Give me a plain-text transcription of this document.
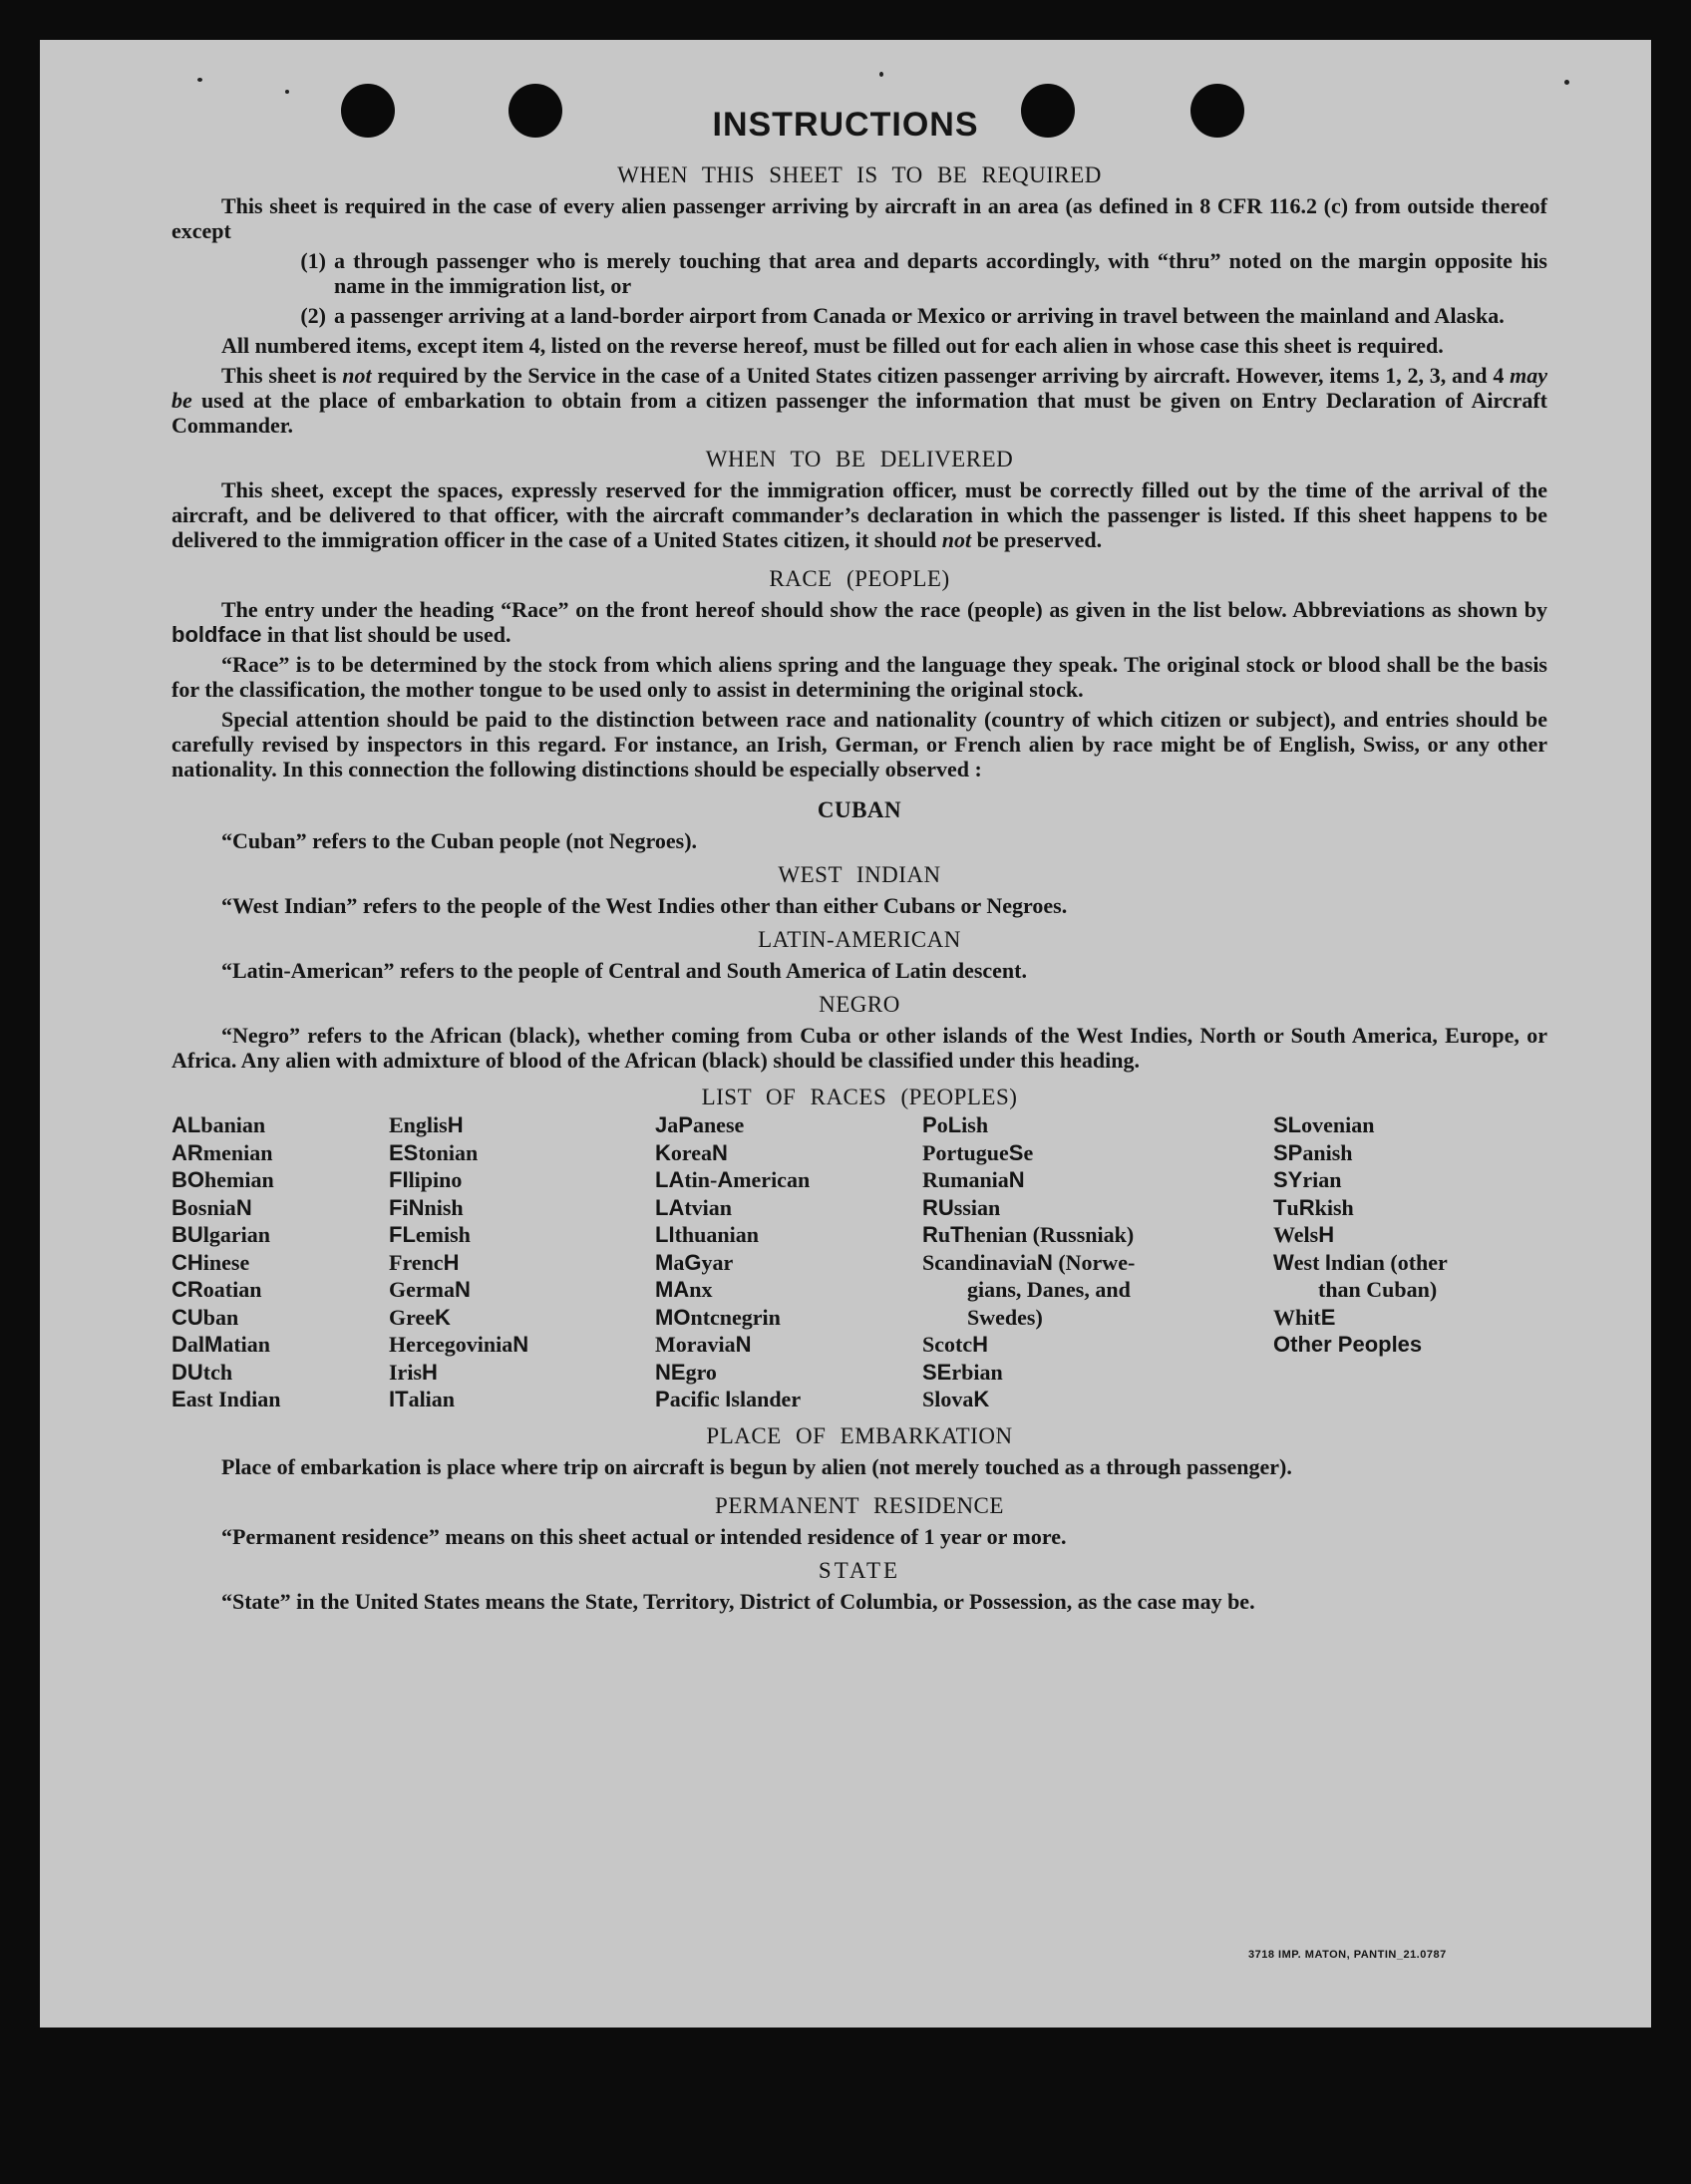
INSTRUCTIONS
WHEN THIS SHEET IS TO BE REQUIRED

This sheet is required in the case of every alien passenger arriving by aircraft in an area (as defined in 8 CFR 116.2 (c) from outside thereof except

(1) a through passenger who is merely touching that area and departs accordingly, with “thru” noted on the margin opposite his name in the immigration list, or
(2) a passenger arriving at a land-border airport from Canada or Mexico or arriving in travel between the mainland and Alaska.

All numbered items, except item 4, listed on the reverse hereof, must be filled out for each alien in whose case this sheet is required.

This sheet is not required by the Service in the case of a United States citizen passenger arriving by aircraft. However, items 1, 2, 3, and 4 may be used at the place of embarkation to obtain from a citizen passenger the information that must be given on Entry Declaration of Aircraft Commander.

WHEN TO BE DELIVERED

This sheet, except the spaces, expressly reserved for the immigration officer, must be correctly filled out by the time of the arrival of the aircraft, and be delivered to that officer, with the aircraft commander’s declaration in which the passenger is listed. If this sheet happens to be delivered to the immigration officer in the case of a United States citizen, it should not be preserved.

RACE (PEOPLE)

The entry under the heading “Race” on the front hereof should show the race (people) as given in the list below. Abbreviations as shown by boldface in that list should be used.

“Race” is to be determined by the stock from which aliens spring and the language they speak. The original stock or blood shall be the basis for the classification, the mother tongue to be used only to assist in determining the original stock.

Special attention should be paid to the distinction between race and nationality (country of which citizen or subject), and entries should be carefully revised by inspectors in this regard. For instance, an Irish, German, or French alien by race might be of English, Swiss, or any other nationality. In this connection the following distinctions should be especially observed :

CUBAN

“Cuban” refers to the Cuban people (not Negroes).

WEST INDIAN

“West Indian” refers to the people of the West Indies other than either Cubans or Negroes.

LATIN-AMERICAN

“Latin-American” refers to the people of Central and South America of Latin descent.

NEGRO

“Negro” refers to the African (black), whether coming from Cuba or other islands of the West Indies, North or South America, Europe, or Africa. Any alien with admixture of blood of the African (black) should be classified under this heading.

LIST OF RACES (PEOPLES)
ALbanian
ARmenian
BOhemian
BosniaN
BUlgarian
CHinese
CRoatian
CUban
DalMatian
DUtch
East Indian
EnglisH
EStonian
FIlipino
FiNnish
FLemish
FrencH
GermaN
GreeK
HercegoviniaN
IrisH
ITalian
JaPanese
KoreaN
LAtin-American
LAtvian
LIthuanian
MaGyar
MAnx
MOntcnegrin
MoraviaN
NEgro
Pacific Islander
PoLish
PortugueSe
RumaniaN
RUssian
RuThenian (Russniak)
ScandinaviaN (Norwe-
gians, Danes, and
Swedes)
ScotcH
SErbian
SlovaK
SLovenian
SPanish
SYrian
TuRkish
WelsH
West Indian (other
than Cuban)
WhitE
Other Peoples
PLACE OF EMBARKATION

Place of embarkation is place where trip on aircraft is begun by alien (not merely touched as a through passenger).

PERMANENT RESIDENCE

“Permanent residence” means on this sheet actual or intended residence of 1 year or more.

STATE

“State” in the United States means the State, Territory, District of Columbia, or Possession, as the case may be.

3718 IMP. MATON, PANTIN_21.0787
